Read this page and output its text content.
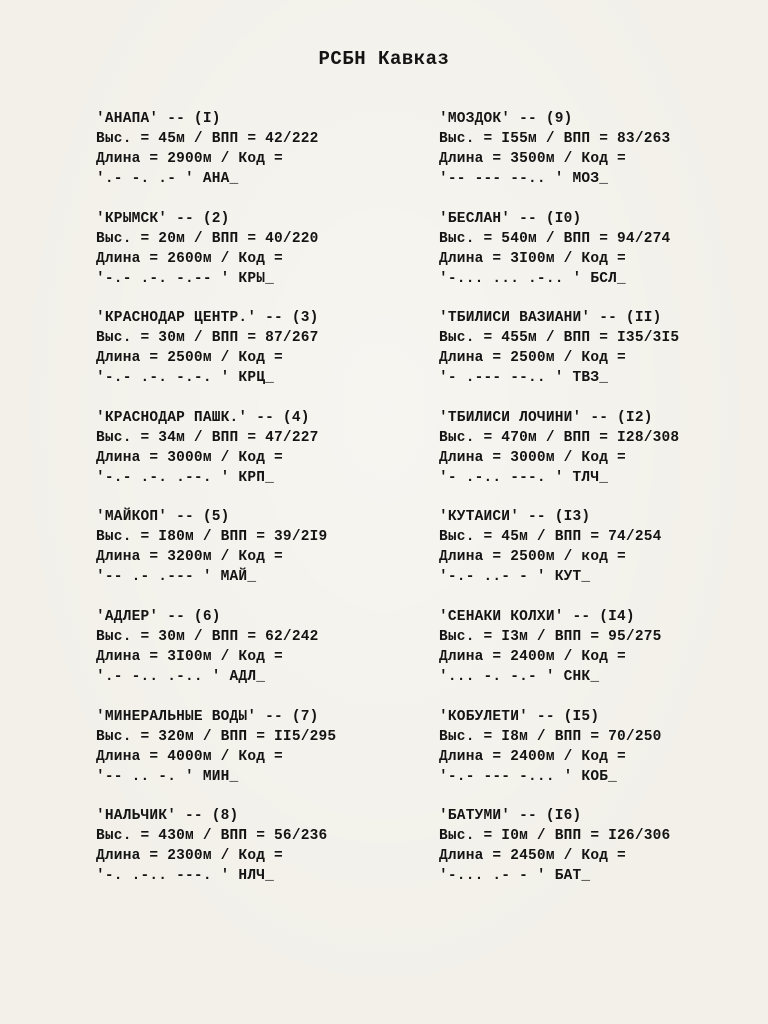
РСБН Кавказ
'АНАПА' -- (I)
Выс. = 45м / ВПП = 42/222
Длина = 2900м / Код =
'.- -. .- ' АНА_
'КРЫМСК' -- (2)
Выс. = 20м / ВПП = 40/220
Длина = 2600м / Код =
'-.- .-. -.-- ' КРЫ_
'КРАСНОДАР ЦЕНТР.' -- (3)
Выс. = 30м / ВПП = 87/267
Длина = 2500м / Код =
'-.- .-. -.-. ' КРЦ_
'КРАСНОДАР ПАШК.' -- (4)
Выс. = 34м / ВПП = 47/227
Длина = 3000м / Код =
'-.- .-. .--. ' КРП_
'МАЙКОП' -- (5)
Выс. = I80м / ВПП = 39/2I9
Длина = 3200м / Код =
'-- .- .--- ' МАЙ_
'АДЛЕР' -- (6)
Выс. = 30м / ВПП = 62/242
Длина = 3I00м / Код =
'.- -.. .-.. ' АДЛ_
'МИНЕРАЛЬНЫЕ ВОДЫ' -- (7)
Выс. = 320м / ВПП = II5/295
Длина = 4000м / Код =
'-- .. -. ' МИН_
'НАЛЬЧИК' -- (8)
Выс. = 430м / ВПП = 56/236
Длина = 2300м / Код =
'-. .-.. ---. ' НЛЧ_
'МОЗДОК' -- (9)
Выс. = I55м / ВПП = 83/263
Длина = 3500м / Код =
'-- --- --.. ' МОЗ_
'БЕСЛАН' -- (I0)
Выс. = 540м / ВПП = 94/274
Длина = 3I00м / Код =
'-... ... .-.. ' БСЛ_
'ТБИЛИСИ ВАЗИАНИ' -- (II)
Выс. = 455м / ВПП = I35/3I5
Длина = 2500м / Код =
'- .--- --.. ' ТВЗ_
'ТБИЛИСИ ЛОЧИНИ' -- (I2)
Выс. = 470м / ВПП = I28/308
Длина = 3000м / Код =
'- .-.. ---. ' ТЛЧ_
'КУТАИСИ' -- (I3)
Выс. = 45м / ВПП = 74/254
Длина = 2500м / код =
'-.- ..- - ' КУТ_
'СЕНАКИ КОЛХИ' -- (I4)
Выс. = I3м / ВПП = 95/275
Длина = 2400м / Код =
'... -. -.- ' СНК_
'КОБУЛЕТИ' -- (I5)
Выс. = I8м / ВПП = 70/250
Длина = 2400м / Код =
'-.- --- -... ' КОБ_
'БАТУМИ' -- (I6)
Выс. = I0м / ВПП = I26/306
Длина = 2450м / Код =
'-... .- - ' БАТ_
